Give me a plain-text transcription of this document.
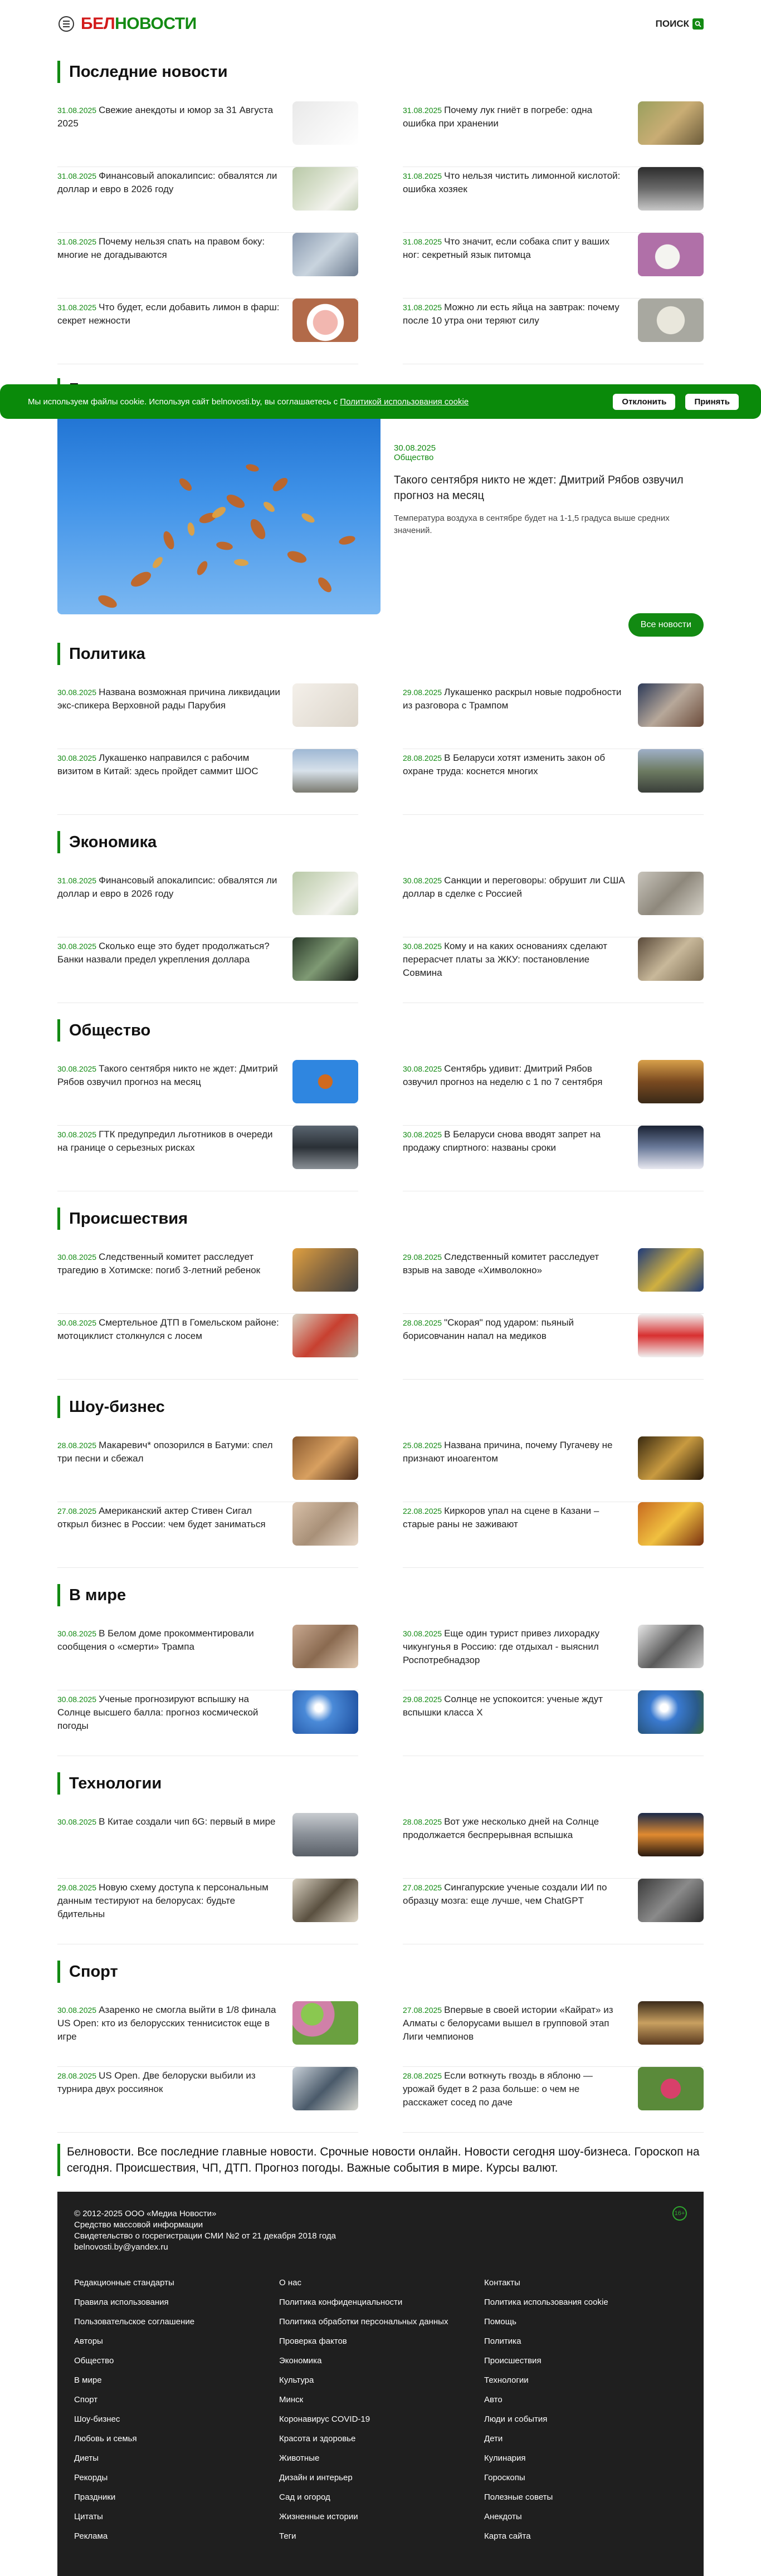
БЕЛНОВОСТИ	ПОИСК
Последние новости
31.08.2025 Свежие анекдоты и юмор за 31 Августа 2025
31.08.2025 Почему лук гниёт в погребе: одна ошибка при хранении
31.08.2025 Финансовый апокалипсис: обвалятся ли доллар и евро в 2026 году
31.08.2025 Что нельзя чистить лимонной кислотой: ошибка хозяек
31.08.2025 Почему нельзя спать на правом боку: многие не догадываются
31.08.2025 Что значит, если собака спит у ваших ног: секретный язык питомца
31.08.2025 Что будет, если добавить лимон в фарш: секрет нежности
31.08.2025 Можно ли есть яйца на завтрак: почему после 10 утра они теряют силу
30.08.2025
Общество
Такого сентября никто не ждет: Дмитрий Рябов озвучил прогноз на месяц
Температура воздуха в сентябре будет на 1-1,5 градуса выше средних значений.
Все новости
Мы используем файлы cookie. Используя сайт belnovosti.by, вы соглашаетесь с Политикой использования cookie	Отклонить	Принять
Политика
30.08.2025 Названа возможная причина ликвидации экс-спикера Верховной рады Парубия
29.08.2025 Лукашенко раскрыл новые подробности из разговора с Трампом
30.08.2025 Лукашенко направился с рабочим визитом в Китай: здесь пройдет саммит ШОС
28.08.2025 В Беларуси хотят изменить закон об охране труда: коснется многих
Экономика
31.08.2025 Финансовый апокалипсис: обвалятся ли доллар и евро в 2026 году
30.08.2025 Санкции и переговоры: обрушит ли США доллар в сделке с Россией
30.08.2025 Сколько еще это будет продолжаться? Банки назвали предел укрепления доллара
30.08.2025 Кому и на каких основаниях сделают перерасчет платы за ЖКУ: постановление Совмина
Общество
30.08.2025 Такого сентября никто не ждет: Дмитрий Рябов озвучил прогноз на месяц
30.08.2025 Сентябрь удивит: Дмитрий Рябов озвучил прогноз на неделю с 1 по 7 сентября
30.08.2025 ГТК предупредил льготников в очереди на границе о серьезных рисках
30.08.2025 В Беларуси снова вводят запрет на продажу спиртного: названы сроки
Происшествия
30.08.2025 Следственный комитет расследует трагедию в Хотимске: погиб 3-летний ребенок
29.08.2025 Следственный комитет расследует взрыв на заводе «Химволокно»
30.08.2025 Смертельное ДТП в Гомельском районе: мотоциклист столкнулся с лосем
28.08.2025 "Скорая" под ударом: пьяный борисовчанин напал на медиков
Шоу-бизнес
28.08.2025 Макаревич* опозорился в Батуми: спел три песни и сбежал
25.08.2025 Названа причина, почему Пугачеву не признают иноагентом
27.08.2025 Американский актер Стивен Сигал открыл бизнес в России: чем будет заниматься
22.08.2025 Киркоров упал на сцене в Казани – старые раны не заживают
В мире
30.08.2025 В Белом доме прокомментировали сообщения о «смерти» Трампа
30.08.2025 Еще один турист привез лихорадку чикунгунья в Россию: где отдыхал - выяснил Роспотребнадзор
30.08.2025 Ученые прогнозируют вспышку на Солнце высшего балла: прогноз космической погоды
29.08.2025 Солнце не успокоится: ученые ждут вспышки класса Х
Технологии
30.08.2025 В Китае создали чип 6G: первый в мире	28.08.2025 Вот уже несколько дней на Солнце продолжается беспрерывная вспышка
29.08.2025 Новую схему доступа к персональным данным тестируют на белорусах: будьте бдительны
27.08.2025 Сингапурские ученые создали ИИ по образцу мозга: еще лучше, чем ChatGPT
Спорт
30.08.2025 Азаренко не смогла выйти в 1/8 финала US Open: кто из белорусских теннисисток еще в игре
27.08.2025 Впервые в своей истории «Кайрат» из Алматы с белорусами вышел в групповой этап Лиги чемпионов
28.08.2025 US Open. Две белоруски выбили из турнира двух россиянок
28.08.2025 Если воткнуть гвоздь в яблоню — урожай будет в 2 раза больше: о чем не расскажет сосед по даче
Белновости. Все последние главные новости. Срочные новости онлайн. Новости сегодня шоу-бизнеса. Гороскоп на сегодня. Происшествия, ЧП, ДТП. Прогноз погоды. Важные события в мире. Курсы валют.
© 2012-2025 ООО «Медиа Новости»
Средство массовой информации
Свидетельство о госрегистрации СМИ №2 от 21 декабря 2018 года
belnovosti.by@yandex.ru
16+
Редакционные стандарты	О нас	Контакты
Правила использования	Политика конфиденциальности	Политика использования cookie
Пользовательское соглашение	Политика обработки персональных данных	Помощь
Авторы	Проверка фактов	Политика
Общество	Экономика	Происшествия
В мире	Культура	Технологии
Спорт	Минск	Авто
Шоу-бизнес	Коронавирус COVID-19	Люди и события
Любовь и семья	Красота и здоровье	Дети
Диеты	Животные	Кулинария
Рекорды	Дизайн и интерьер	Гороскопы
Праздники	Сад и огород	Полезные советы
Цитаты	Жизненные истории	Анекдоты
Реклама	Теги	Карта сайта
